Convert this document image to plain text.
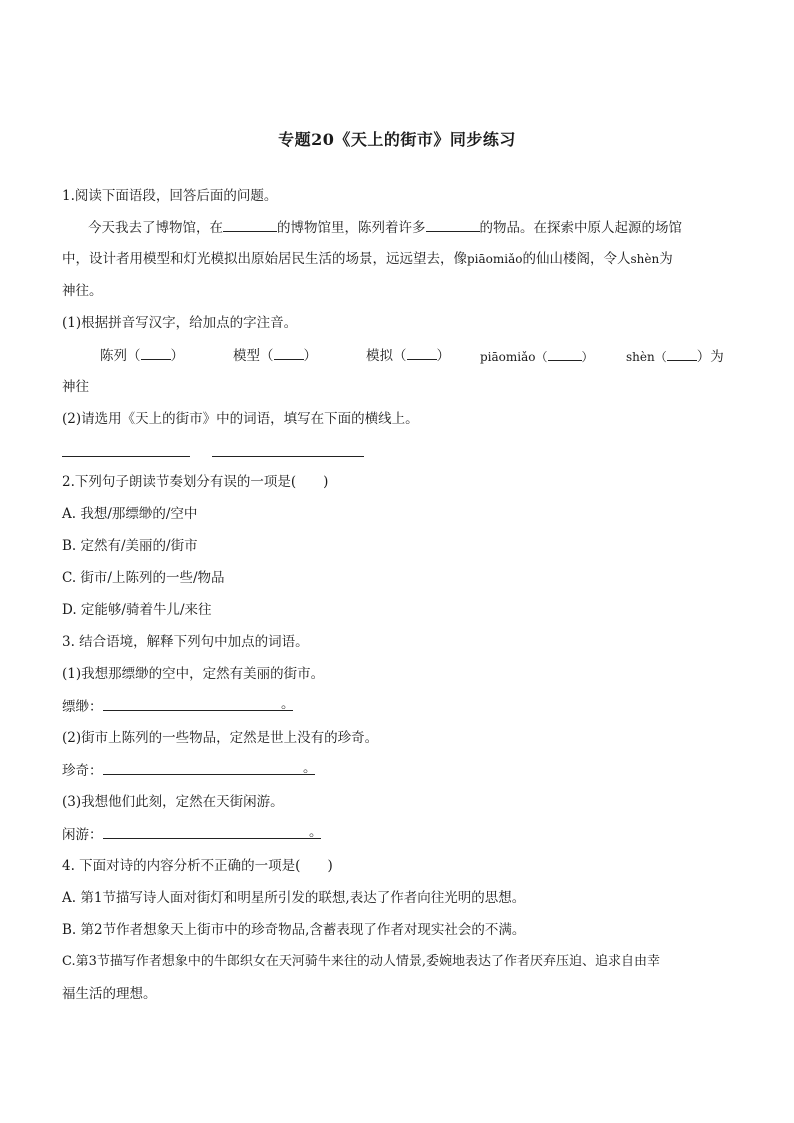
专题20《天上的街市》同步练习
1.阅读下面语段，回答后面的问题。
今天我去了博物馆，在	的博物馆里，陈列着许多	的物品。在探索中原人起源的场馆
中，设计者用模型和灯光模拟出原始居民生活的场景，远远望去，像piāomiǎo的仙山楼阁，令人shèn为
神往。
(1)根据拼音写汉字，给加点的字注音。
陈列（ ）	模型（ ）	模拟（ ）	piāomiǎo（	）	shèn（ ）为
神往
(2)请选用《天上的街市》中的词语，填写在下面的横线上。
2.下列句子朗读节奏划分有误的一项是(　　)
A. 我想/那缥缈的/空中
B. 定然有/美丽的/街市
C. 街市/上陈列的一些/物品
D. 定能够/骑着牛儿/来往
3. 结合语境，解释下列句中加点的词语。
(1)我想那缥缈的空中，定然有美丽的街市。
缥缈：	。
(2)街市上陈列的一些物品，定然是世上没有的珍奇。
珍奇：	。
(3)我想他们此刻，定然在天街闲游。
闲游：	。
4. 下面对诗的内容分析不正确的一项是(　　)
A. 第1节描写诗人面对街灯和明星所引发的联想,表达了作者向往光明的思想。
B. 第2节作者想象天上街市中的珍奇物品,含蓄表现了作者对现实社会的不满。
C.第3节描写作者想象中的牛郎织女在天河骑牛来往的动人情景,委婉地表达了作者厌弃压迫、追求自由幸
福生活的理想。
